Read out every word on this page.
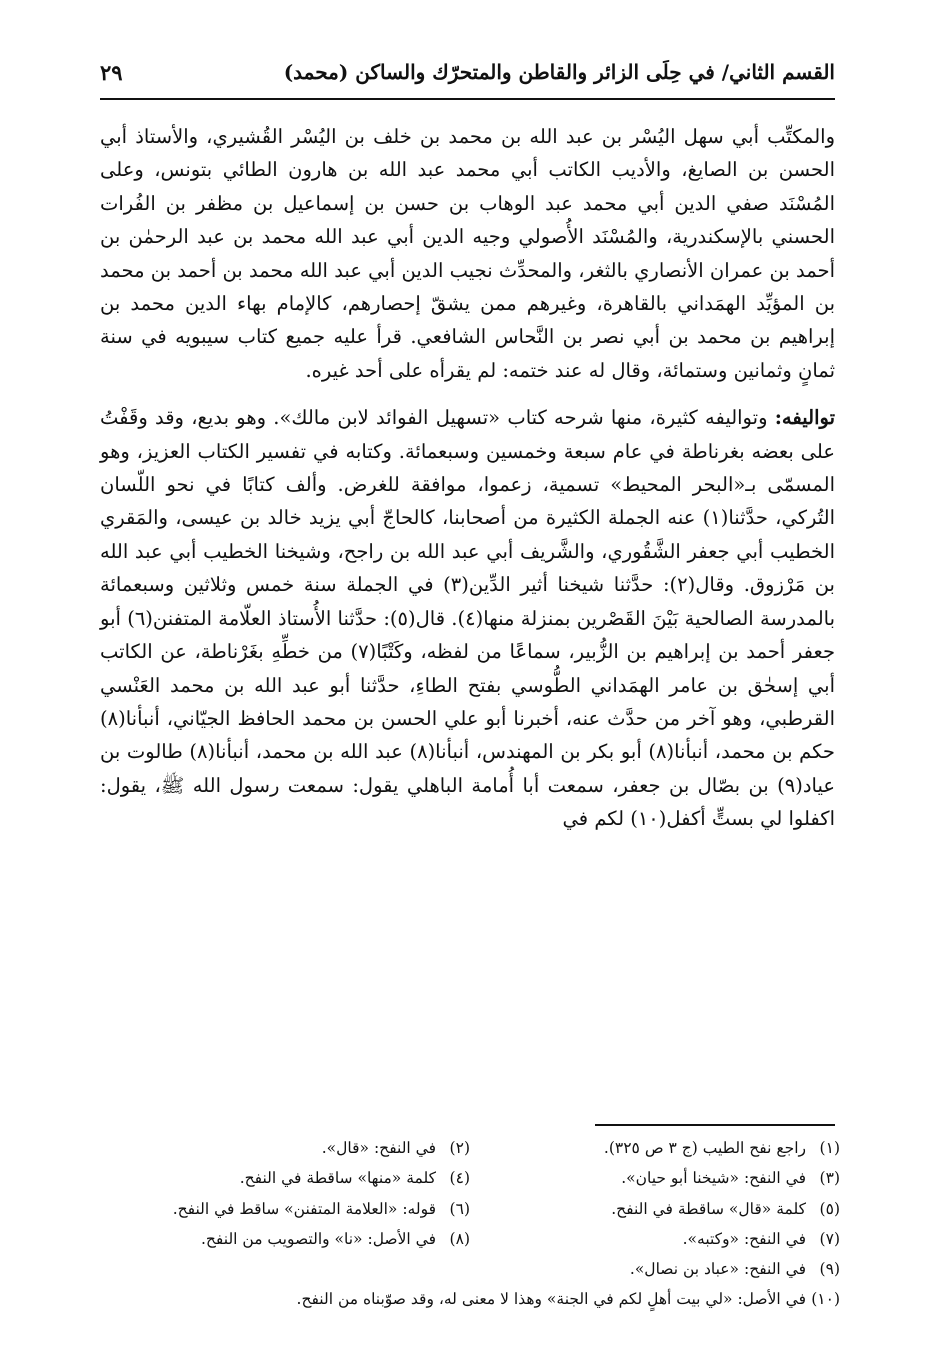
القسم الثاني/ في حِلَى الزائر والقاطن والمتحرّك والساكن (محمد)
٢٩

والمكتِّب أبي سهل اليُسْر بن عبد الله بن محمد بن خلف بن اليُسْر القُشيري، والأستاذ أبي الحسن بن الصايغ، والأديب الكاتب أبي محمد عبد الله بن هارون الطائي بتونس، وعلى المُسْنَد صفي الدين أبي محمد عبد الوهاب بن حسن بن إسماعيل بن مظفر بن الفُرات الحسني بالإسكندرية، والمُسْنَد الأُصولي وجيه الدين أبي عبد الله محمد بن عبد الرحمٰن بن أحمد بن عمران الأنصاري بالثغر، والمحدِّث نجيب الدين أبي عبد الله محمد بن أحمد بن محمد بن المؤيِّد الهمَداني بالقاهرة، وغيرهم ممن يشقّ إحصارهم، كالإمام بهاء الدين محمد بن إبراهيم بن محمد بن أبي نصر بن النَّحاس الشافعي. قرأ عليه جميع كتاب سيبويه في سنة ثمانٍ وثمانين وستمائة، وقال له عند ختمه: لم يقرأه على أحد غيره.

تواليفه: وتواليفه كثيرة، منها شرحه كتاب «تسهيل الفوائد لابن مالك». وهو بديع، وقد وقَفْتُ على بعضه بغرناطة في عام سبعة وخمسين وسبعمائة. وكتابه في تفسير الكتاب العزيز، وهو المسمّى بـ«البحر المحيط» تسمية، زعموا، موافقة للغرض. وألف كتابًا في نحو اللّسان التُركي، حدَّثنا(١) عنه الجملة الكثيرة من أصحابنا، كالحاجّ أبي يزيد خالد بن عيسى، والمَقري الخطيب أبي جعفر الشَّقُوري، والشَّريف أبي عبد الله بن راجح، وشيخنا الخطيب أبي عبد الله بن مَرْزوق. وقال(٢): حدَّثنا شيخنا أثير الدِّين(٣) في الجملة سنة خمس وثلاثين وسبعمائة بالمدرسة الصالحية بَيْنَ القَصْرين بمنزلة منها(٤). قال(٥): حدَّثنا الأُستاذ العلّامة المتفنن(٦) أبو جعفر أحمد بن إبراهيم بن الزُّبير، سماعًا من لفظه، وكَتْبًا(٧) من خطِّهِ بغَرْناطة، عن الكاتب أبي إسحٰق بن عامر الهمَداني الطُّوسي بفتح الطاءِ، حدَّثنا أبو عبد الله بن محمد العَنْسي القرطبي، وهو آخر من حدَّث عنه، أخبرنا أبو علي الحسن بن محمد الحافظ الجيّاني، أنبأنا(٨) حكم بن محمد، أنبأنا(٨) أبو بكر بن المهندس، أنبأنا(٨) عبد الله بن محمد، أنبأنا(٨) طالوت بن عياد(٩) بن بصّال بن جعفر، سمعت أبا أُمامة الباهلي يقول: سمعت رسول الله ﷺ، يقول: اكفلوا لي بستٍّ أكفل(١٠) لكم في

(١)راجع نفح الطيب (ج ٣ ص ٣٢٥).
(٢)في النفح: «قال».
(٣)في النفح: «شيخنا أبو حيان».
(٤)كلمة «منها» ساقطة في النفح.
(٥)كلمة «قال» ساقطة في النفح.
(٦)قوله: «العلامة المتفنن» ساقط في النفح.
(٧)في النفح: «وكتبه».
(٨)في الأصل: «نا» والتصويب من النفح.
(٩)في النفح: «عباد بن نصال».
(١٠)في الأصل: «لي بيت أهلٍ لكم في الجنة» وهذا لا معنى له، وقد صوّبناه من النفح.
